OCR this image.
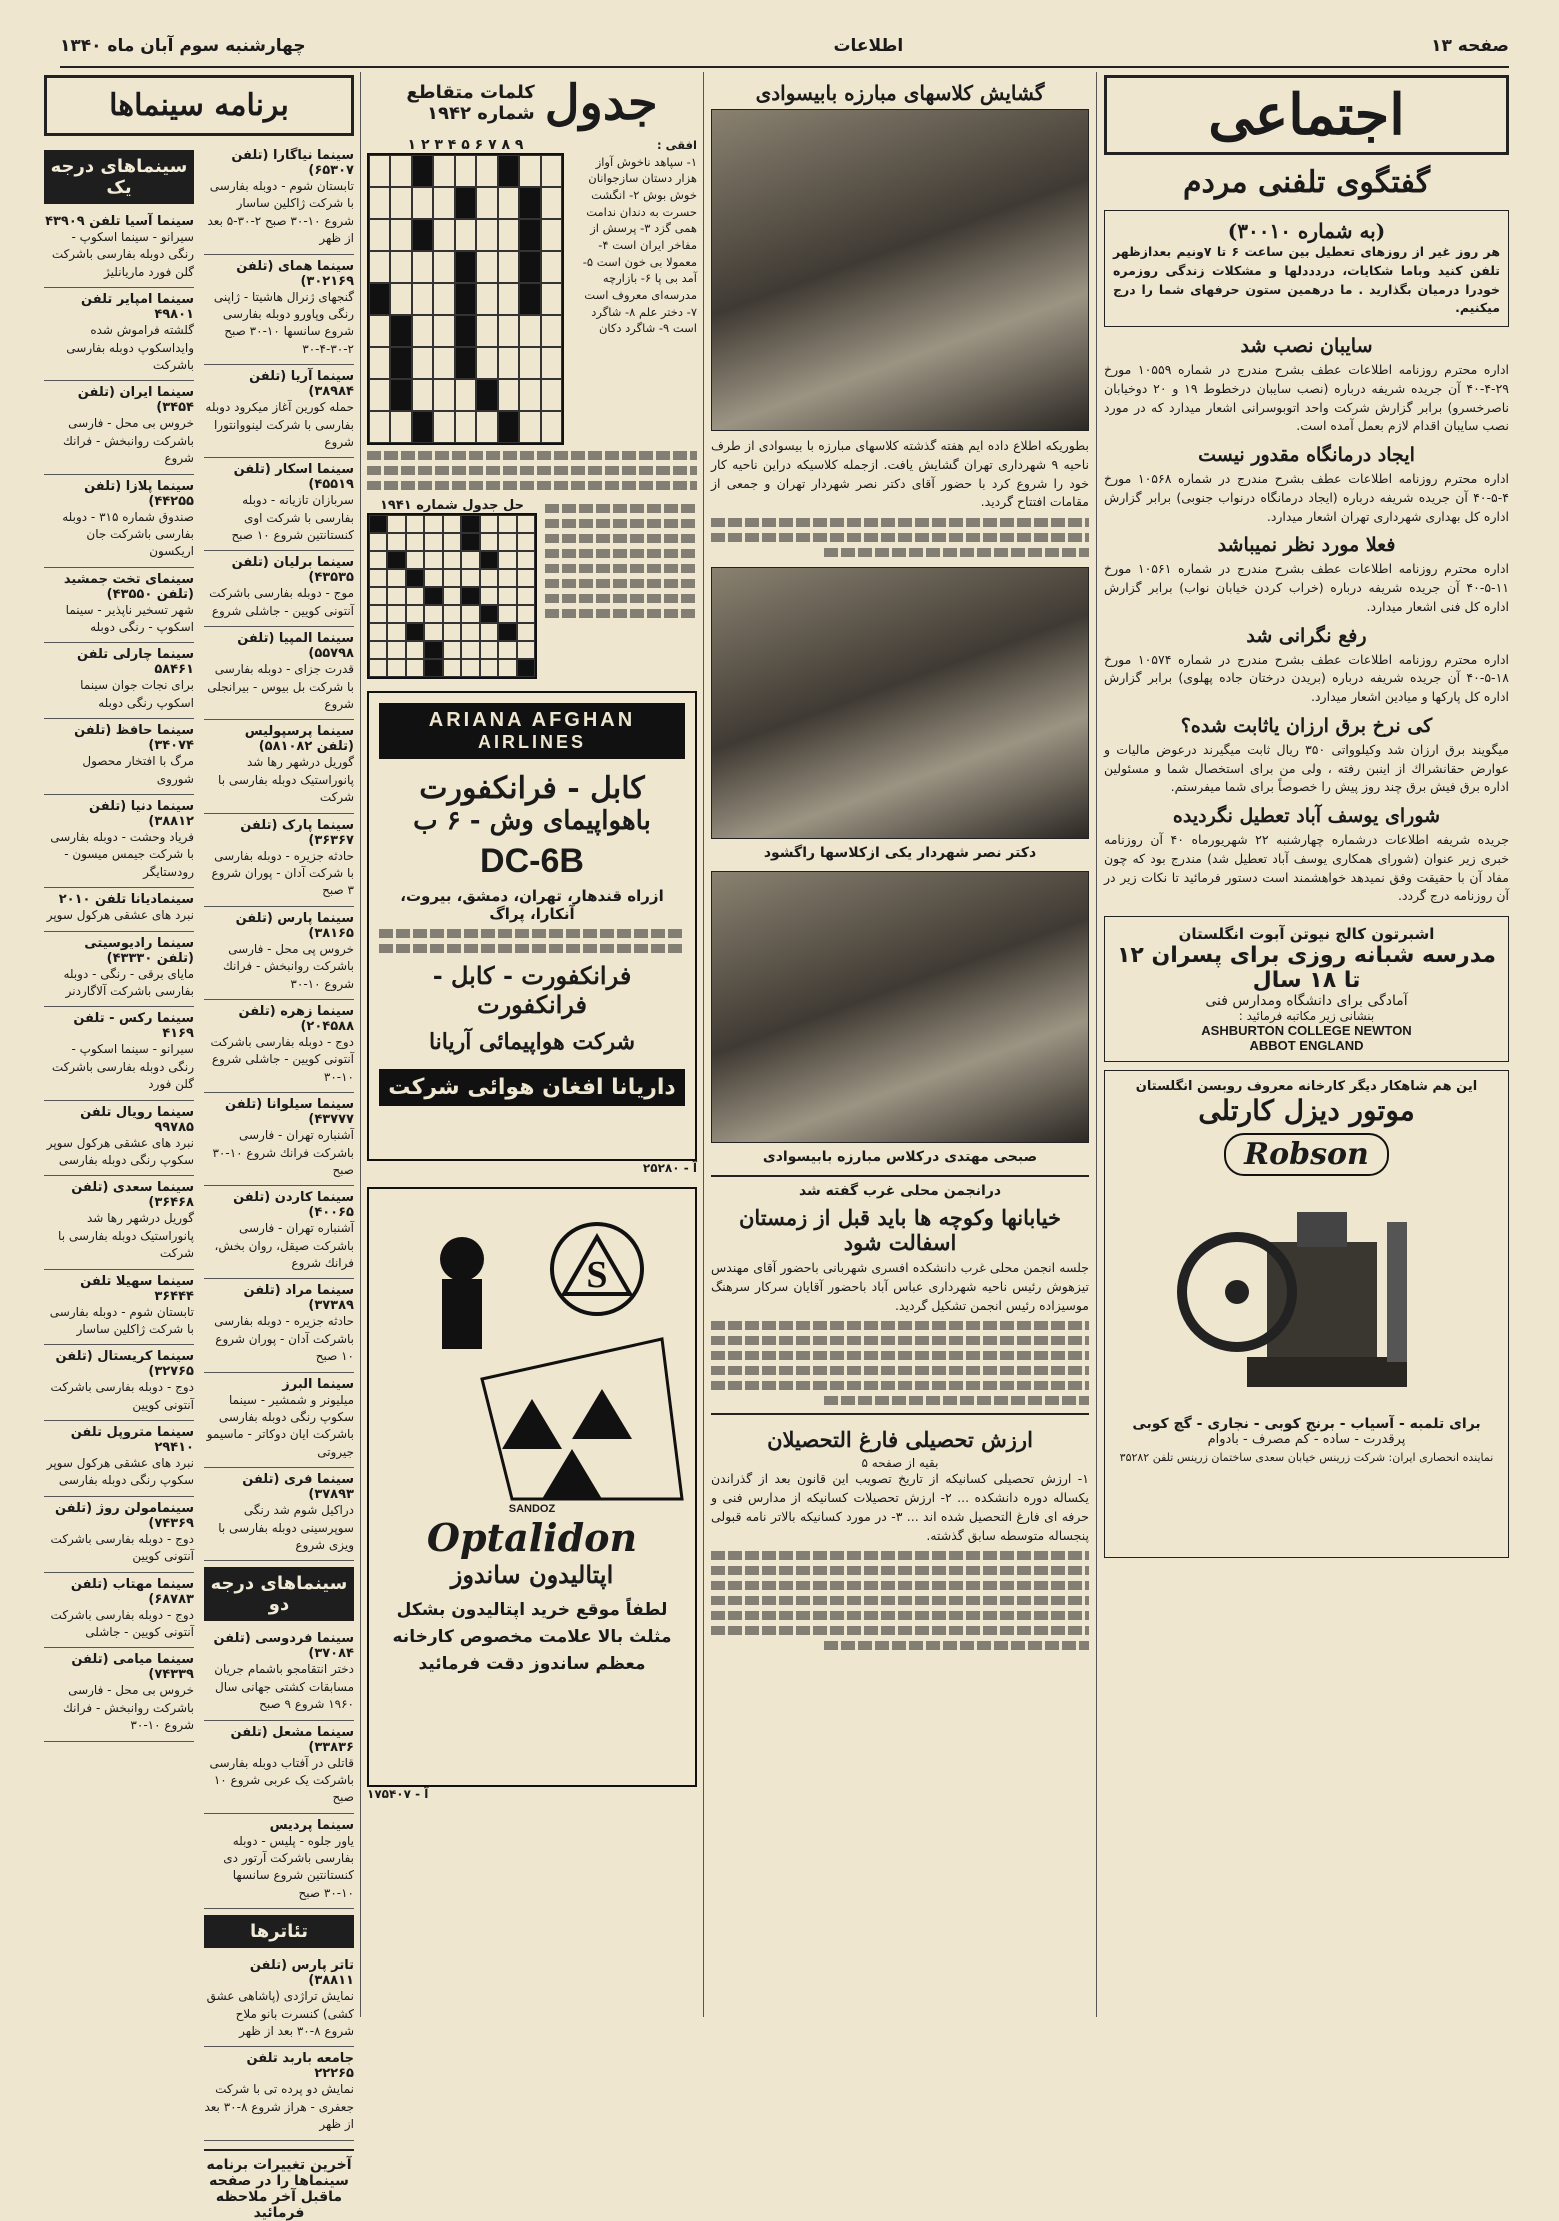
صفحه ۱۳
اطلاعات
چهارشنبه سوم آبان ماه ۱۳۴۰
اجتماعی
گفتگوی تلفنی مردم
(به شماره ۳۰۰۱۰)
هر روز غیر از روزهای تعطیل بین ساعت ۶ تا ۷ونیم بعدازظهر تلفن کنید وباما شکایات، دردددلها و مشکلات زندگی روزمره خودرا درمیان بگذارید . ما درهمین ستون حرفهای شما را درج میکنیم.
سایبان نصب شد
اداره محترم روزنامه اطلاعات عطف بشرح مندرج در شماره ۱۰۵۵۹ مورخ ۲۹-۴-۴۰ آن جریده شریفه درباره (نصب سایبان درخطوط ۱۹ و ۲۰ دوخیابان ناصرخسرو) برابر گزارش شرکت واحد اتوبوسرانی اشعار میدارد که در مورد نصب سایبان اقدام لازم بعمل آمده است.
ایجاد درمانگاه مقدور نیست
اداره محترم روزنامه اطلاعات عطف بشرح مندرج در شماره ۱۰۵۶۸ مورخ ۴-۵-۴۰ آن جریده شریفه درباره (ایجاد درمانگاه درنواب جنوبی) برابر گزارش اداره کل بهداری شهرداری تهران اشعار میدارد.
فعلا مورد نظر نمیباشد
اداره محترم روزنامه اطلاعات عطف بشرح مندرج در شماره ۱۰۵۶۱ مورخ ۱۱-۵-۴۰ آن جریده شریفه درباره (خراب کردن خیابان نواب) برابر گزارش اداره کل فنی اشعار میدارد.
رفع نگرانی شد
اداره محترم روزنامه اطلاعات عطف بشرح مندرج در شماره ۱۰۵۷۴ مورخ ۱۸-۵-۴۰ آن جریده شریفه درباره (بریدن درختان جاده پهلوی) برابر گزارش اداره کل پارکها و میادین اشعار میدارد.
کی نرخ برق ارزان یاثابت شده؟
میگویند برق ارزان شد وکیلوواتی ۳۵۰ ریال ثابت میگیرند درعوض مالیات و عوارض حقانشراك از اینبن رفته ، ولی من برای استخصال شما و مسئولین اداره برق فیش برق چند روز پیش را خصوصاً برای شما میفرستم.
شورای یوسف آباد تعطیل نگردیده
جریده شریفه اطلاعات درشماره چهارشنبه ۲۲ شهریورماه ۴۰ آن روزنامه خبری زیر عنوان (شورای همکاری یوسف آباد تعطیل شد) مندرج بود که چون مفاد آن با حقیقت وفق نمیدهد خواهشمند است دستور فرمائید تا نکات زیر در آن روزنامه درج گردد.
اشبرتون کالج نیوتن آبوت انگلستان
مدرسه شبانه روزی برای پسران ۱۲ تا ۱۸ سال
آمادگی برای دانشگاه ومدارس فنی
بنشانی زیر مکاتبه فرمائید :
ASHBURTON COLLEGE NEWTON
ABBOT ENGLAND
این هم شاهکار دیگر کارخانه معروف روبسن انگلستان
موتور دیزل کارتلی
Robson
برای تلمبه - آسیاب - برنج کوبی - نجاری - گچ کوبی
پرقدرت - ساده - کم مصرف - بادوام
نماینده انحصاری ایران: شرکت زرینس خیابان سعدی ساختمان زرینس تلفن ۳۵۲۸۲
گشایش کلاسهای مبارزه بابیسوادی
بطوریکه اطلاع داده ایم هفته گذشته کلاسهای مبارزه با بیسوادی از طرف ناحیه ۹ شهرداری تهران گشایش یافت. ازجمله کلاسیکه دراین ناحیه کار خود را شروع کرد با حضور آقای دکتر نصر شهردار تهران و جمعی از مقامات افتتاح گردید.
دکتر نصر شهردار یکی ازکلاسها راگشود
صبحی مهتدی درکلاس مبارزه بابیسوادی
درانجمن محلی غرب گفته شد
خیابانها وکوچه ها باید قبل از زمستان اسفالت شود
جلسه انجمن محلی غرب دانشکده افسری شهربانی باحضور آقای مهندس تیزهوش رئیس ناحیه شهرداری عباس آباد باحضور آقایان سرکار سرهنگ موسیزاده رئیس انجمن تشکیل گردید.
ارزش تحصیلی فارغ التحصیلان
بقیه از صفحه ۵
۱- ارزش تحصیلی کسانیکه از تاریخ تصویب این قانون بعد از گذراندن یکساله دوره دانشکده ... ۲- ارزش تحصیلات کسانیکه از مدارس فنی و حرفه ای فارغ التحصیل شده اند ... ۳- در مورد کسانیکه بالاتر نامه قبولی پنجساله متوسطه سابق گذشته.
جدول
کلمات متقاطع
شماره ۱۹۴۲
افقی :
۱- سپاهد ناخوش آواز هزار دستان سازجوانان خوش بوش ۲- انگشت حسرت به دندان ندامت همی گزد ۳- پرسش از مفاخر ایران است ۴- معمولا بی خون است ۵- آمد بی پا ۶- بازارچه مدرسه‌ای معروف است ۷- دختر علم ۸- شاگرد است ۹- شاگرد دکان
۹ ۸ ۷ ۶ ۵ ۴ ۳ ۲ ۱
حل جدول شماره ۱۹۴۱
ARIANA AFGHAN
AIRLINES
کابل - فرانکفورت
باهواپیمای وش - ۶ ب
DC-6B
ازراه قندهار، تهران، دمشق، بیروت، آنکارا، پراگ
فرانکفورت - کابل - فرانکفورت
شرکت هواپیمائی آریانا
داریانا افغان هوائی شرکت
آ - ۲۵۲۸۰
S
SANDOZ
Optalidon
اپتالیدون ساندوز
لطفاً موقع خرید اپتالیدون بشکل مثلث بالا علامت مخصوص کارخانه معظم ساندوز دقت فرمائید
آ - ۱۷۵۴۰۷
برنامه سینماها
سینما نیاگارا (تلفن ۶۵۳۰۷)
تابستان شوم - دوبله بفارسی با شرکت ژاکلین ساسار شروع ۱۰-۳۰ صبح ۲-۳۰-۵ بعد از ظهر
سینما همای (تلفن ۳۰۲۱۶۹)
گنجهای ژنرال هاشیتا - ژاپنی رنگی وپاورو دوبله بفارسی شروع سانسها ۱۰-۳۰ صبح ۲-۳۰-۴-۳۰
سینما آریا (تلفن ۳۸۹۸۴)
حمله کورین آغاز میکرود دوبله بفارسی با شرکت لینووانتورا شروع
سینما اسکار (تلفن ۴۵۵۱۹)
سربازان تازیانه - دوبله بفارسی با شرکت اوی کنستانتین شروع ۱۰ صبح
سینما برلیان (تلفن ۴۳۵۳۵)
موج - دوبله بفارسی باشرکت آنتونی کویین - جاشلی شروع
سینما المپیا (تلفن ۵۵۷۹۸)
قدرت جزای - دوبله بفارسی با شرکت بل بیوس - بیرانجلی شروع
سینما پرسپولیس (تلفن ۵۸۱۰۸۲)
گوریل درشهر رها شد پانوراستیک دوبله بفارسی با شرکت
سینما پارک (تلفن ۳۶۳۶۷)
حادثه جزیره - دوبله بفارسی با شرکت آدان - پوران شروع ۳ صبح
سینما پارس (تلفن ۳۸۱۶۵)
خروس پی محل - فارسی باشرکت روانبخش - فرانك شروع ۱۰-۳۰
سینما زهره (تلفن ۲۰۴۵۸۸)
دوج - دوبله بفارسی باشرکت آنتونی کویین - جاشلی شروع ۱۰-۳۰
سینما سیلوانا (تلفن ۴۳۷۷۷)
آشنباره تهران - فارسی باشرکت فرانك شروع ۱۰-۳۰ صبح
سینما کاردن (تلفن ۴۰۰۶۵)
آشنباره تهران - فارسی باشرکت صیقل، روان بخش، فرانك شروع
سینما مراد (تلفن ۳۷۳۸۹)
حادثه جزیره - دوبله بفارسی باشرکت آدان - پوران شروع ۱۰ صبح
سینما البرز
میلیونر و شمشیر - سینما سکوپ رنگی دوبله بفارسی باشرکت ایان دوکاتر - ماسیمو جیروتی
سینما فری (تلفن ۳۷۸۹۳)
دراکیل شوم شد رنگی سوپرسینی دوبله بفارسی با ویزی شروع
سینماهای درجه دو
سینما فردوسی (تلفن ۳۷۰۸۴)
دختر انتقامجو باشمام جریان مسابقات کشتی جهانی سال ۱۹۶۰ شروع ۹ صبح
سینما مشعل (تلفن ۳۳۸۳۶)
قاتلی در آفتاب دوبله بفارسی باشرکت یک عربی شروع ۱۰ صبح
سینما پردیس
یاور جلوه - پلیس - دوبله بفارسی باشرکت آرتور دی کنستانتین شروع سانسها ۱۰-۳۰ صبح
تئاترها
تاتر پارس (تلفن ۳۸۸۱۱)
نمایش تراژدی (پاشاهی عشق کشی) کنسرت بانو ملاح شروع ۸-۳۰ بعد از ظهر
جامعه باربد تلفن ۲۲۲۶۵
نمایش دو پرده تی با شرکت جعفری - هراز شروع ۸-۳۰ بعد از ظهر
آخرین تغییرات برنامه سینماها را در صفحه ماقبل آخر ملاحظه فرمائید
سینماهای درجه یک
سینما آسیا تلفن ۴۳۹۰۹
سیرانو - سینما اسکوپ - رنگی دوبله بفارسی باشرکت گلن فورد ماریانلیژ
سینما امپایر تلفن ۴۹۸۰۱
گلشته فراموش شده وایداسکوپ دوبله بفارسی باشرکت
سینما ایران (تلفن ۳۴۵۴)
خروس بی محل - فارسی باشرکت روانبخش - فرانك شروع
سینما پلازا (تلفن ۴۴۲۵۵)
صندوق شماره ۳۱۵ - دوبله بفارسی باشرکت جان اریکسون
سینمای تخت جمشید (تلفن ۴۳۵۵۰)
شهر تسخیر ناپذیر - سینما اسکوپ - رنگی دوبله
سینما چارلی تلفن ۵۸۴۶۱
برای نجات جوان سینما اسکوپ رنگی دوبله
سینما حافظ (تلفن ۳۴۰۷۴)
مرگ با افتخار محصول شوروی
سینما دنیا (تلفن ۳۸۸۱۲)
فریاد وحشت - دوبله بفارسی با شرکت جیمس میسون - رودستایگر
سینمادیانا تلفن ۲۰۱۰
نبرد های عشقی هرکول سوپر
سینما رادیوسیتی (تلفن ۴۳۳۳۰)
مایای برقی - رنگی - دوبله بفارسی باشرکت آلاگاردنر
سینما رکس - تلفن ۴۱۶۹
سیرانو - سینما اسکوپ - رنگی دوبله بفارسی باشرکت گلن فورد
سینما رویال تلفن ۹۹۷۸۵
نبرد های عشقی هرکول سوپر سکوپ رنگی دوبله بفارسی
سینما سعدی (تلفن ۳۶۴۶۸)
گوریل درشهر رها شد پانوراستیک دوبله بفارسی با شرکت
سینما سهیلا تلفن ۳۶۴۴۴
تابستان شوم - دوبله بفارسی با شرکت ژاکلین ساسار
سینما کریستال (تلفن ۳۲۷۶۵)
دوج - دوبله بفارسی باشرکت آنتونی کویین
سینما متروپل تلفن ۲۹۴۱۰
نبرد های عشقی هرکول سوپر سکوپ رنگی دوبله بفارسی
سینمامولن روژ (تلفن ۷۴۳۶۹)
دوج - دوبله بفارسی باشرکت آنتونی کویین
سینما مهتاب (تلفن ۶۸۷۸۳)
دوج - دوبله بفارسی باشرکت آنتونی کویین - جاشلی
سینما میامی (تلفن ۷۴۳۳۹)
خروس بی محل - فارسی باشرکت روانبخش - فرانك شروع ۱۰-۳۰
